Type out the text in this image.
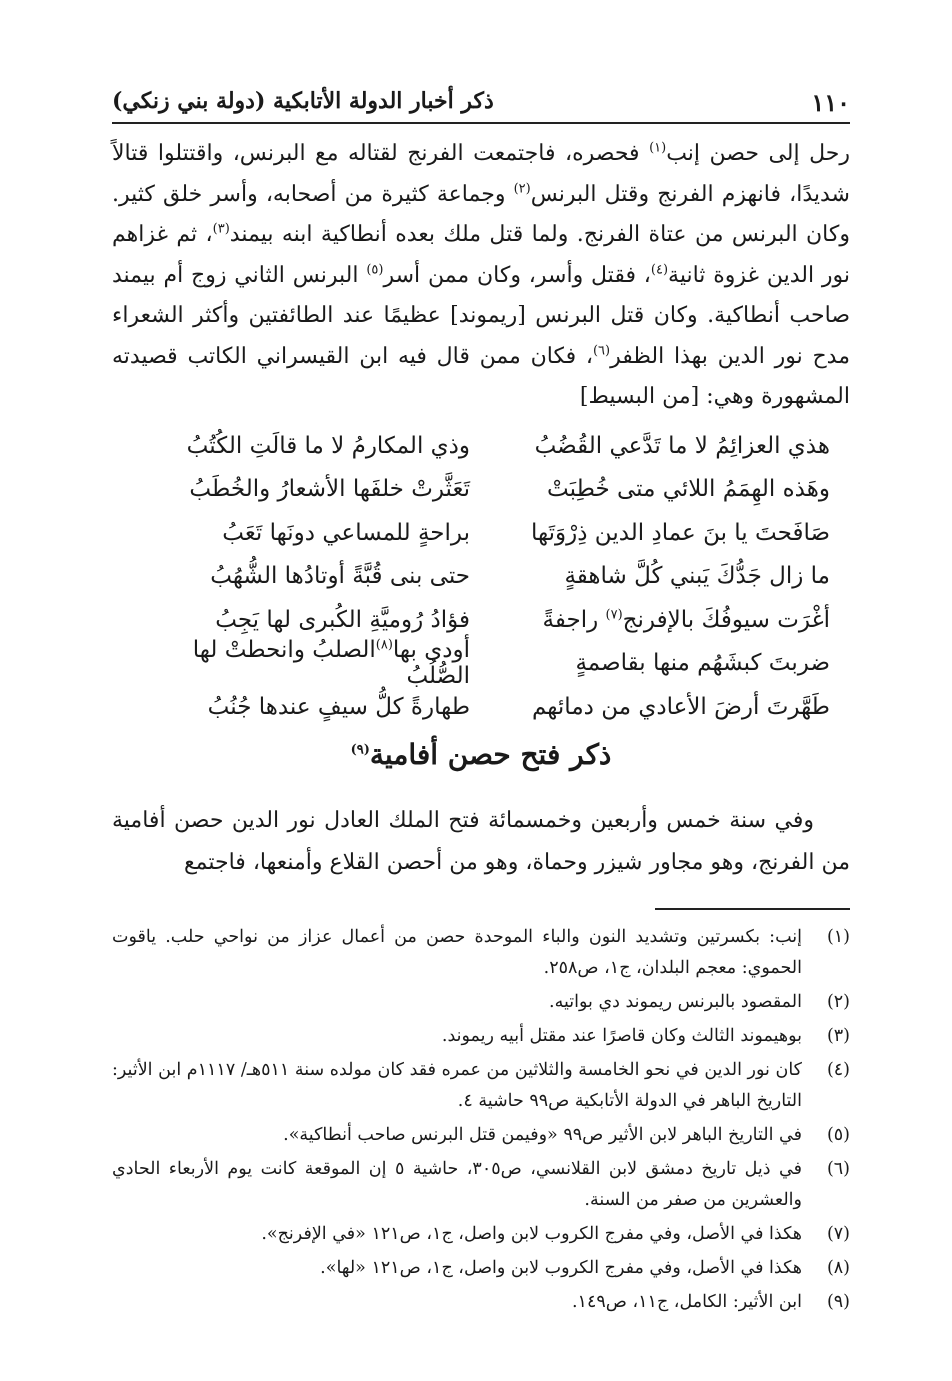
١١٠
ذكر أخبار الدولة الأتابكية (دولة بني زنكي)

رحل إلى حصن إنب$^{(١)}$ فحصره، فاجتمعت الفرنج لقتاله مع البرنس، واقتتلوا قتالاً شديدًا، فانهزم الفرنج وقتل البرنس$^{(٢)}$ وجماعة كثيرة من أصحابه، وأسر خلق كثير. وكان البرنس من عتاة الفرنج. ولما قتل ملك بعده أنطاكية ابنه بيمند$^{(٣)}$، ثم غزاهم نور الدين غزوة ثانية$^{(٤)}$، فقتل وأسر، وكان ممن أسر$^{(٥)}$ البرنس الثاني زوج أم بيمند صاحب أنطاكية. وكان قتل البرنس [ريموند] عظيمًا عند الطائفتين وأكثر الشعراء مدح نور الدين بهذا الظفر$^{(٦)}$، فكان ممن قال فيه ابن القيسراني الكاتب قصيدته المشهورة وهي: [من البسيط]

هذي العزائِمُ لا ما تَدَّعي القُضُبُ
وذي المكارمُ لا ما قالَتِ الكُتُبُ
وهَذه الهِمَمُ اللائي متى خُطِبَتْ
تَعَثَّرتْ خلفَها الأشعارُ والخُطَبُ
صَافَحتَ يا بنَ عمادِ الدين ذِرْوَتَها
براحةٍ للمساعي دونَها تَعَبُ
ما زال جَدُّكَ يَبني كُلَّ شاهقةٍ
حتى بنى قُبَّةً أوتادُها الشُّهُبُ
أغْرَت سيوفُكَ بالإفرنج$^{(٧)}$ راجفةً
فؤادُ رُوميَّةِ الكُبرى لها يَجِبُ
ضربتَ كبشَهُم منها بقاصمةٍ
أودى بها$^{(٨)}$الصلبُ وانحطتْ لها الصُّلُبُ
طَهَّرتَ أرضَ الأعادي من دمائهم
طهارةً كلُّ سيفٍ عندها جُنُبُ
ذكر فتح حصن أفامية$^{(٩)}$

وفي سنة خمس وأربعين وخمسمائة فتح الملك العادل نور الدين حصن أفامية من الفرنج، وهو مجاور شيزر وحماة، وهو من أحصن القلاع وأمنعها، فاجتمع

(١)
إنب: بكسرتين وتشديد النون والباء الموحدة حصن من أعمال عزاز من نواحي حلب. ياقوت الحموي: معجم البلدان، ج١، ص٢٥٨.
(٢)
المقصود بالبرنس ريموند دي بواتيه.
(٣)
بوهيموند الثالث وكان قاصرًا عند مقتل أبيه ريموند.
(٤)
كان نور الدين في نحو الخامسة والثلاثين من عمره فقد كان مولده سنة ٥١١هـ/ ١١١٧م ابن الأثير: التاريخ الباهر في الدولة الأتابكية ص٩٩ حاشية ٤.
(٥)
في التاريخ الباهر لابن الأثير ص٩٩ «وفيمن قتل البرنس صاحب أنطاكية».
(٦)
في ذيل تاريخ دمشق لابن القلانسي، ص٣٠٥، حاشية ٥ إن الموقعة كانت يوم الأربعاء الحادي والعشرين من صفر من السنة.
(٧)
هكذا في الأصل، وفي مفرج الكروب لابن واصل، ج١، ص١٢١ «في الإفرنج».
(٨)
هكذا في الأصل، وفي مفرج الكروب لابن واصل، ج١، ص١٢١ «لها».
(٩)
ابن الأثير: الكامل، ج١١، ص١٤٩.
